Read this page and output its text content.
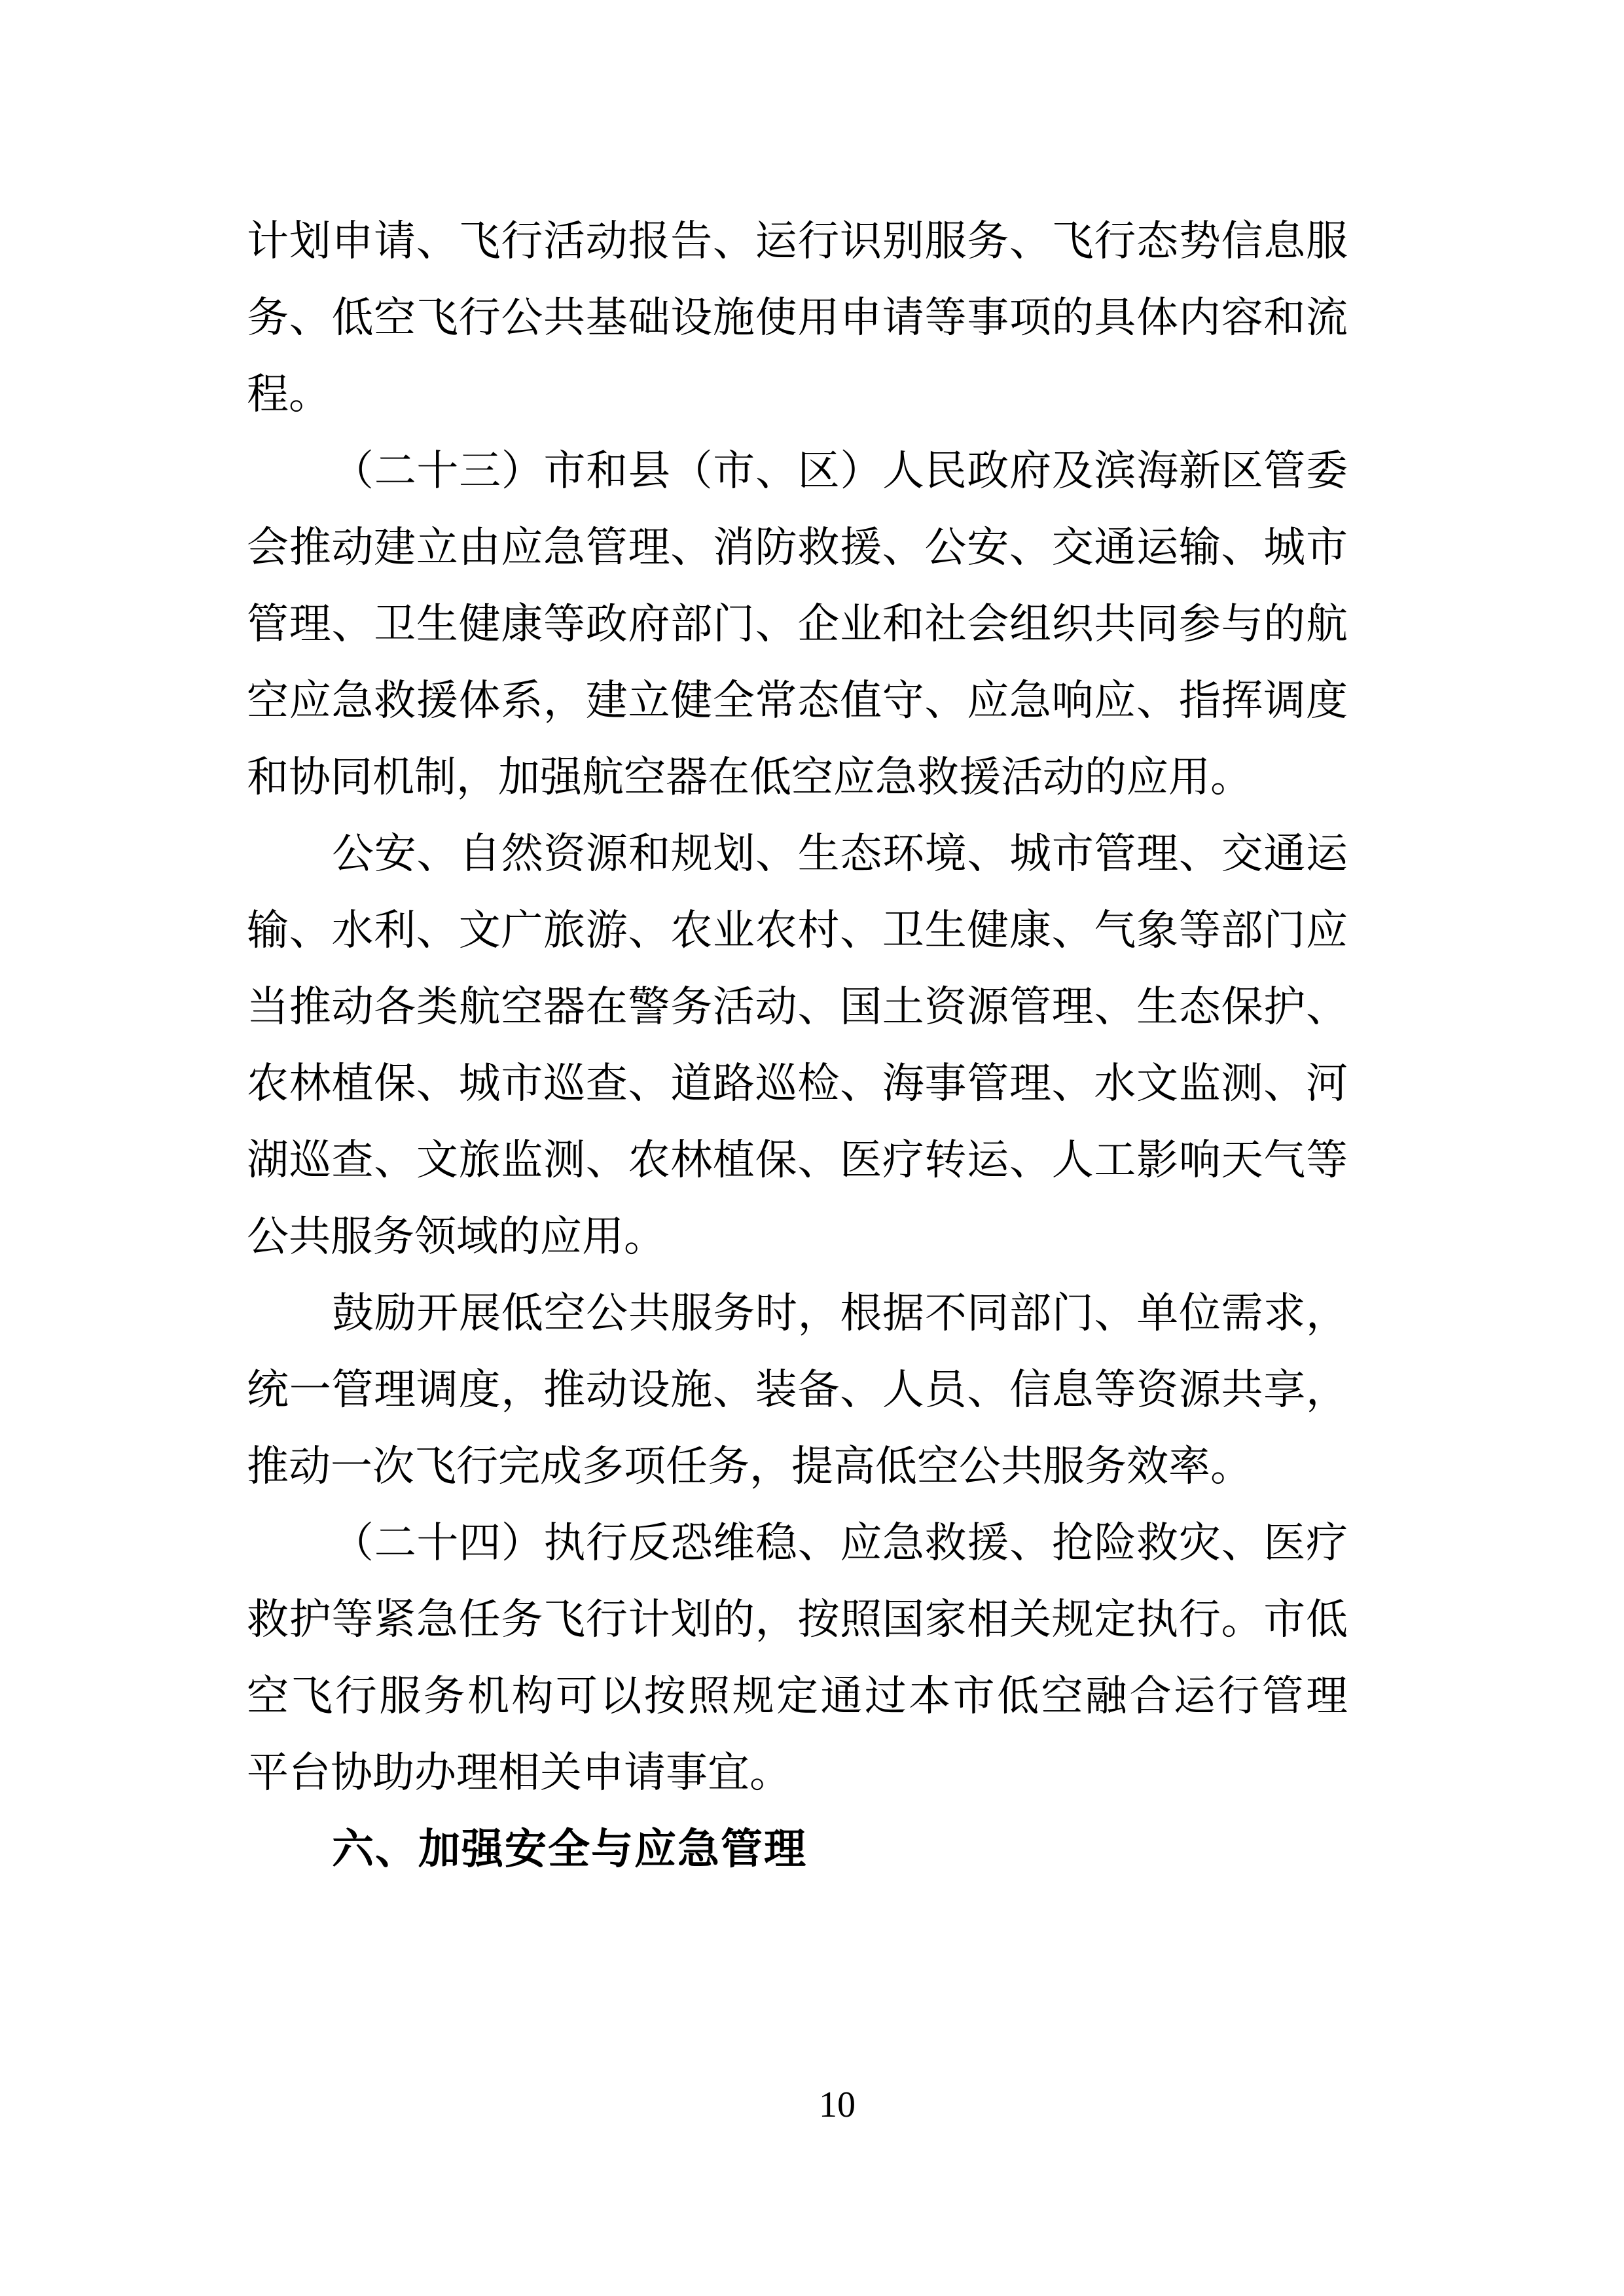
计划申请、飞行活动报告、运行识别服务、飞行态势信息服
务、低空飞行公共基础设施使用申请等事项的具体内容和流
程。
（二十三）市和县（市、区）人民政府及滨海新区管委
会推动建立由应急管理、消防救援、公安、交通运输、城市
管理、卫生健康等政府部门、企业和社会组织共同参与的航
空应急救援体系，建立健全常态值守、应急响应、指挥调度
和协同机制，加强航空器在低空应急救援活动的应用。
公安、自然资源和规划、生态环境、城市管理、交通运
输、水利、文广旅游、农业农村、卫生健康、气象等部门应
当推动各类航空器在警务活动、国土资源管理、生态保护、
农林植保、城市巡查、道路巡检、海事管理、水文监测、河
湖巡查、文旅监测、农林植保、医疗转运、人工影响天气等
公共服务领域的应用。
鼓励开展低空公共服务时，根据不同部门、单位需求，
统一管理调度，推动设施、装备、人员、信息等资源共享，
推动一次飞行完成多项任务，提高低空公共服务效率。
（二十四）执行反恐维稳、应急救援、抢险救灾、医疗
救护等紧急任务飞行计划的，按照国家相关规定执行。市低
空飞行服务机构可以按照规定通过本市低空融合运行管理
平台协助办理相关申请事宜。
六、加强安全与应急管理
10
